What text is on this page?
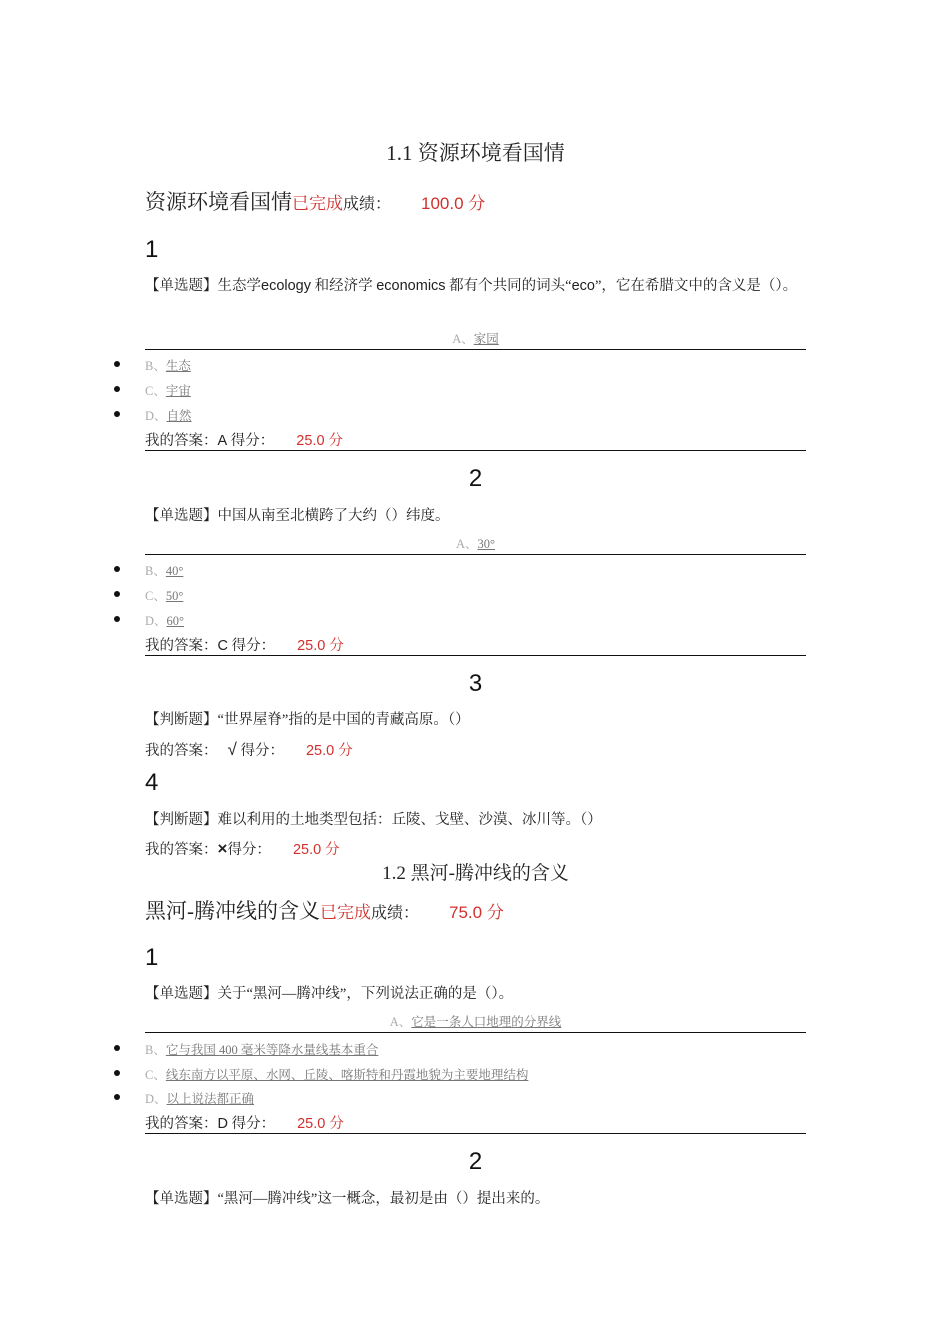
1.1 资源环境看国情
资源环境看国情已完成成绩： 100.0 分
1
【单选题】生态学ecology 和经济学 economics 都有个共同的词头“eco”，它在希腊文中的含义是（）。
A、家园
B、生态
C、宇宙
D、自然
我的答案：A 得分： 25.0 分
2
【单选题】中国从南至北横跨了大约（）纬度。
A、30°
B、40°
C、50°
D、60°
我的答案：C 得分： 25.0 分
3
【判断题】“世界屋脊”指的是中国的青藏高原。（）
我的答案： √ 得分： 25.0 分
4
【判断题】难以利用的土地类型包括：丘陵、戈壁、沙漠、冰川等。（）
我的答案：×得分： 25.0 分
1.2 黑河-腾冲线的含义
黑河-腾冲线的含义已完成成绩： 75.0 分
1
【单选题】关于“黑河—腾冲线”，下列说法正确的是（）。
A、它是一条人口地理的分界线
B、它与我国 400 毫米等降水量线基本重合
C、线东南方以平原、水网、丘陵、喀斯特和丹霞地貌为主要地理结构
D、以上说法都正确
我的答案：D 得分： 25.0 分
2
【单选题】“黑河—腾冲线”这一概念，最初是由（）提出来的。
